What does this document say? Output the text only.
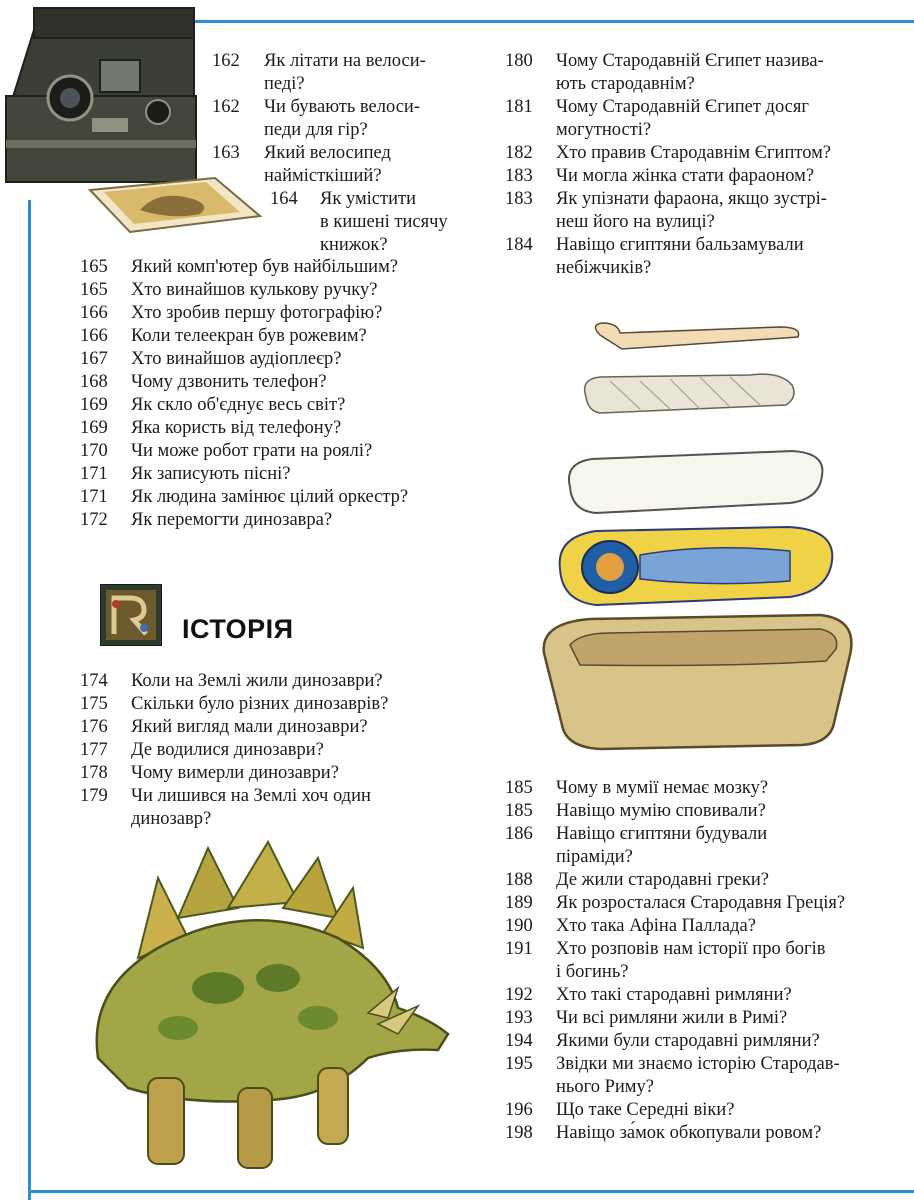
ІСТОРІЯ
162 Як літати на велоси-
педі?
162 Чи бувають велоси-
педи для гір?
163 Який велосипед
наймісткіший?
164 Як умістити
в кишені тисячу
книжок?
165 Який комп'ютер був найбільшим?
165 Хто винайшов кулькову ручку?
166 Хто зробив першу фотографію?
166 Коли телеекран був рожевим?
167 Хто винайшов аудіоплеєр?
168 Чому дзвонить телефон?
169 Як скло об'єднує весь світ?
169 Яка користь від телефону?
170 Чи може робот грати на роялі?
171 Як записують пісні?
171 Як людина замінює цілий оркестр?
172 Як перемогти динозавра?
174 Коли на Землі жили динозаври?
175 Скільки було різних динозаврів?
176 Який вигляд мали динозаври?
177 Де водилися динозаври?
178 Чому вимерли динозаври?
179 Чи лишився на Землі хоч один
динозавр?
180 Чому Стародавній Єгипет назива-
ють стародавнім?
181 Чому Стародавній Єгипет досяг
могутності?
182 Хто правив Стародавнім Єгиптом?
183 Чи могла жінка стати фараоном?
183 Як упізнати фараона, якщо зустрі-
неш його на вулиці?
184 Навіщо єгиптяни бальзамували
небіжчиків?
185 Чому в мумії немає мозку?
185 Навіщо мумію сповивали?
186 Навіщо єгиптяни будували
піраміди?
188 Де жили стародавні греки?
189 Як розросталася Стародавня Греція?
190 Хто така Афіна Паллада?
191 Хто розповів нам історії про богів
і богинь?
192 Хто такі стародавні римляни?
193 Чи всі римляни жили в Римі?
194 Якими були стародавні римляни?
195 Звідки ми знаємо історію Стародав-
нього Риму?
196 Що таке Середні віки?
198 Навіщо за́мок обкопували ровом?
